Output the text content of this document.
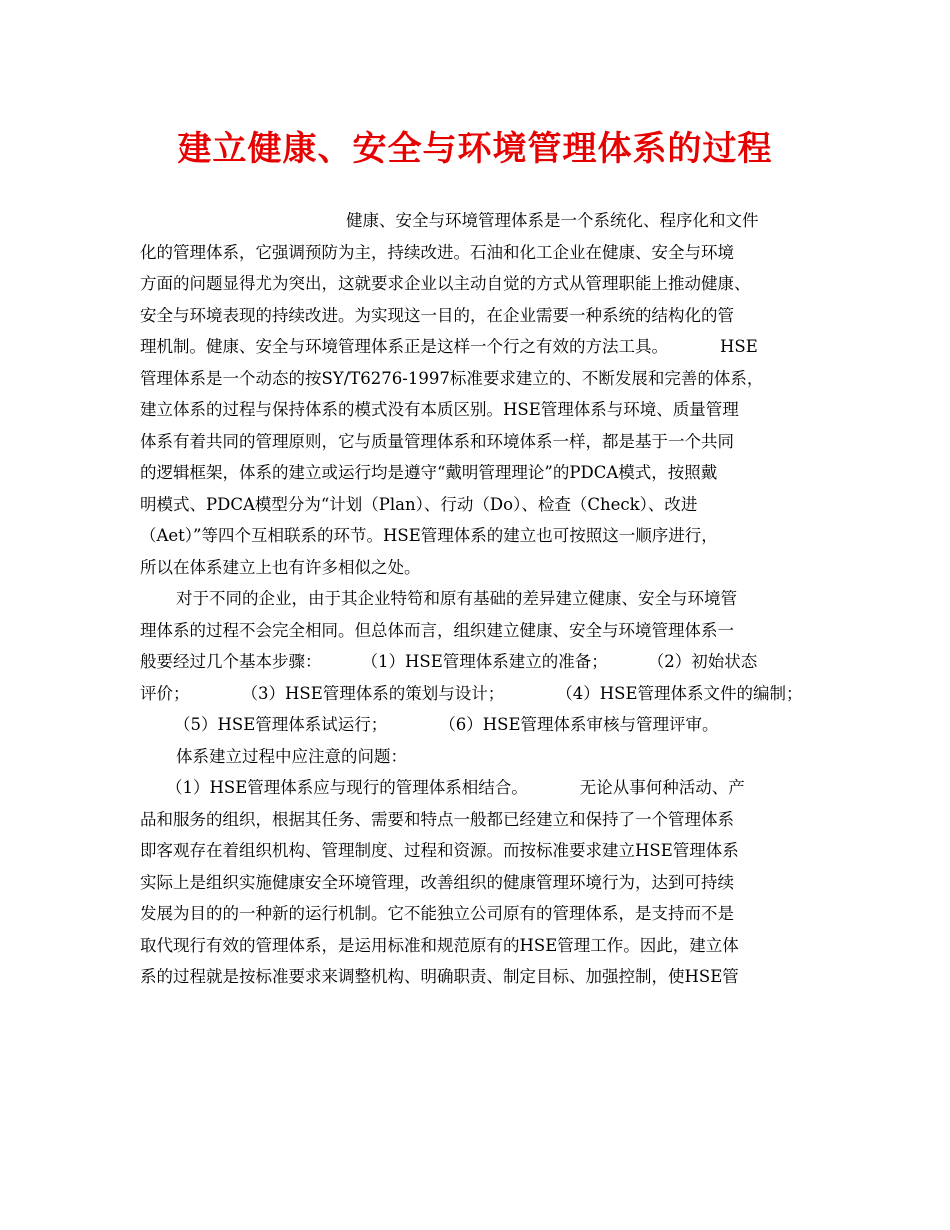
建立健康、安全与环境管理体系的过程
健康、安全与环境管理体系是一个系统化、程序化和文件
化的管理体系，它强调预防为主，持续改进。石油和化工企业在健康、安全与环境
方面的问题显得尤为突出，这就要求企业以主动自觉的方式从管理职能上推动健康、
安全与环境表现的持续改进。为实现这一目的，在企业需要一种系统的结构化的管
理机制。健康、安全与环境管理体系正是这样一个行之有效的方法工具。	HSE
管理体系是一个动态的按SY/T6276-1997标准要求建立的、不断发展和完善的体系，
建立体系的过程与保持体系的模式没有本质区别。HSE管理体系与环境、质量管理
体系有着共同的管理原则，它与质量管理体系和环境体系一样，都是基于一个共同
的逻辑框架，体系的建立或运行均是遵守“戴明管理理论”的PDCA模式，按照戴
明模式、PDCA模型分为“计划（Plan）、行动（Do）、检查（Check）、改进
（Aet）”等四个互相联系的环节。HSE管理体系的建立也可按照这一顺序进行，
所以在体系建立上也有许多相似之处。
对于不同的企业，由于其企业特笱和原有基础的差异建立健康、安全与环境管
理体系的过程不会完全相同。但总体而言，组织建立健康、安全与环境管理体系一
般要经过几个基本步骤： （1）HSE管理体系建立的准备； （2）初始状态
评价；	（3）HSE管理体系的策划与设计；	（4）HSE管理体系文件的编制；
（5）HSE管理体系试运行；	（6）HSE管理体系审核与管理评审。
体系建立过程中应注意的问题：
（1）HSE管理体系应与现行的管理体系相结合。	无论从事何种活动、产
品和服务的组织，根据其任务、需要和特点一般都已经建立和保持了一个管理体系
即客观存在着组织机构、管理制度、过程和资源。而按标准要求建立HSE管理体系
实际上是组织实施健康安全环境管理，改善组织的健康管理环境行为，达到可持续
发展为目的的一种新的运行机制。它不能独立公司原有的管理体系，是支持而不是
取代现行有效的管理体系，是运用标准和规范原有的HSE管理工作。因此，建立体
系的过程就是按标准要求来调整机构、明确职责、制定目标、加强控制，使HSE管
